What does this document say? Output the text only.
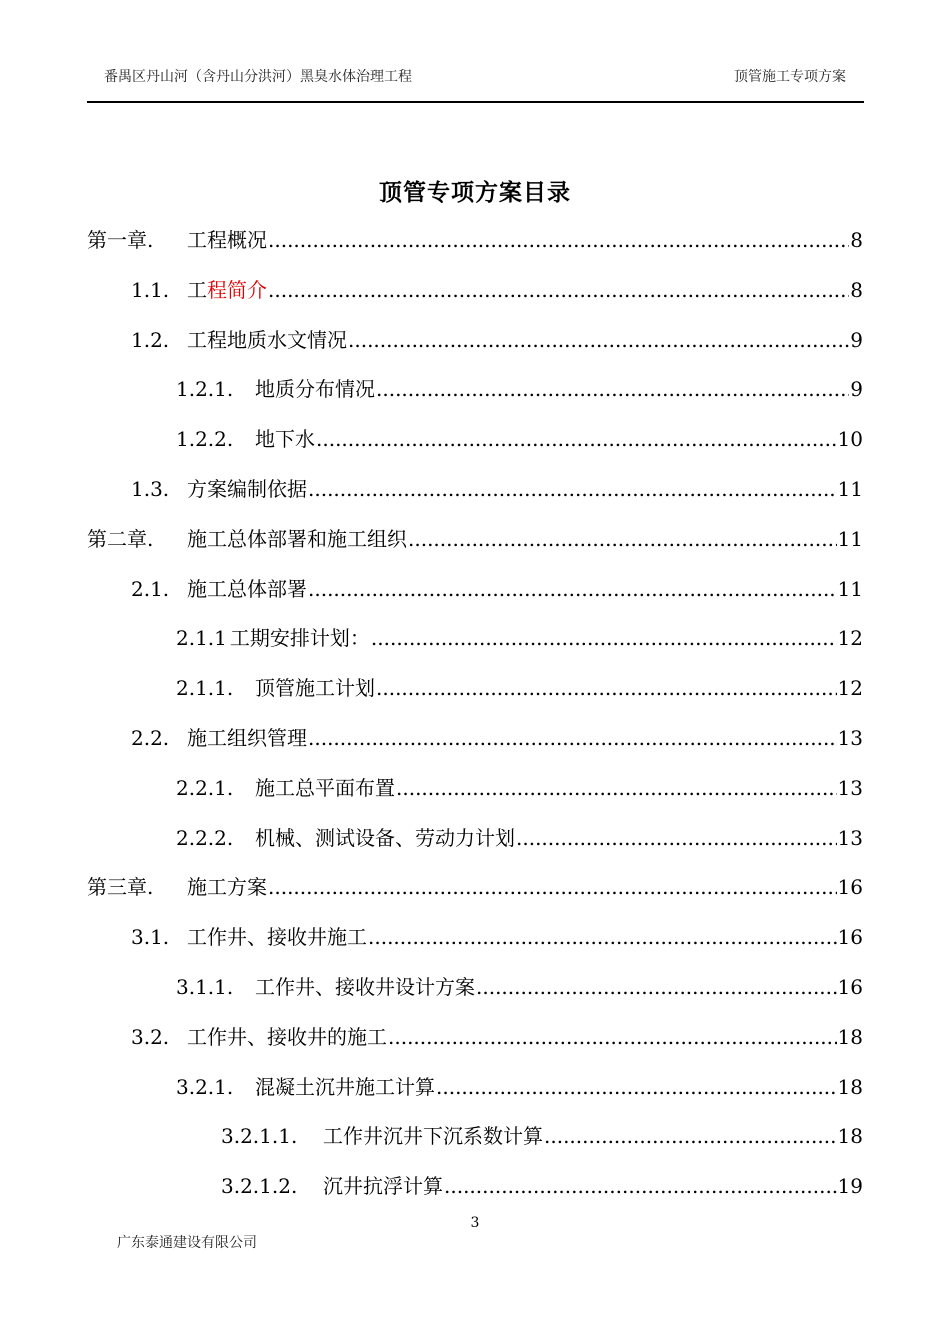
番禺区丹山河（含丹山分洪河）黑臭水体治理工程	顶管施工专项方案
顶管专项方案目录
第一章.	工程概况 .....	8
1.1. 工程简介 .....	8
1.2. 工程地质水文情况 .....	9
1.2.1.	地质分布情况 .....	9
1.2.2.	地下水 .....	10
1.3. 方案编制依据 .....	11
第二章.	施工总体部署和施工组织 .....	11
2.1. 施工总体部署 .....	11
2.1.1 工期安排计划： .....	12
2.1.1.	顶管施工计划 .....	12
2.2. 施工组织管理 .....	13
2.2.1.	施工总平面布置 .....	13
2.2.2.	机械、测试设备、劳动力计划 .....	13
第三章.	施工方案 .....	16
3.1. 工作井、接收井施工 .....	16
3.1.1.	工作井、接收井设计方案 .....	16
3.2. 工作井、接收井的施工 .....	18
3.2.1.	混凝土沉井施工计算 .....	18
3.2.1.1.	工作井沉井下沉系数计算 .....	18
3.2.1.2.	沉井抗浮计算 .....	19
3
广东泰通建设有限公司
